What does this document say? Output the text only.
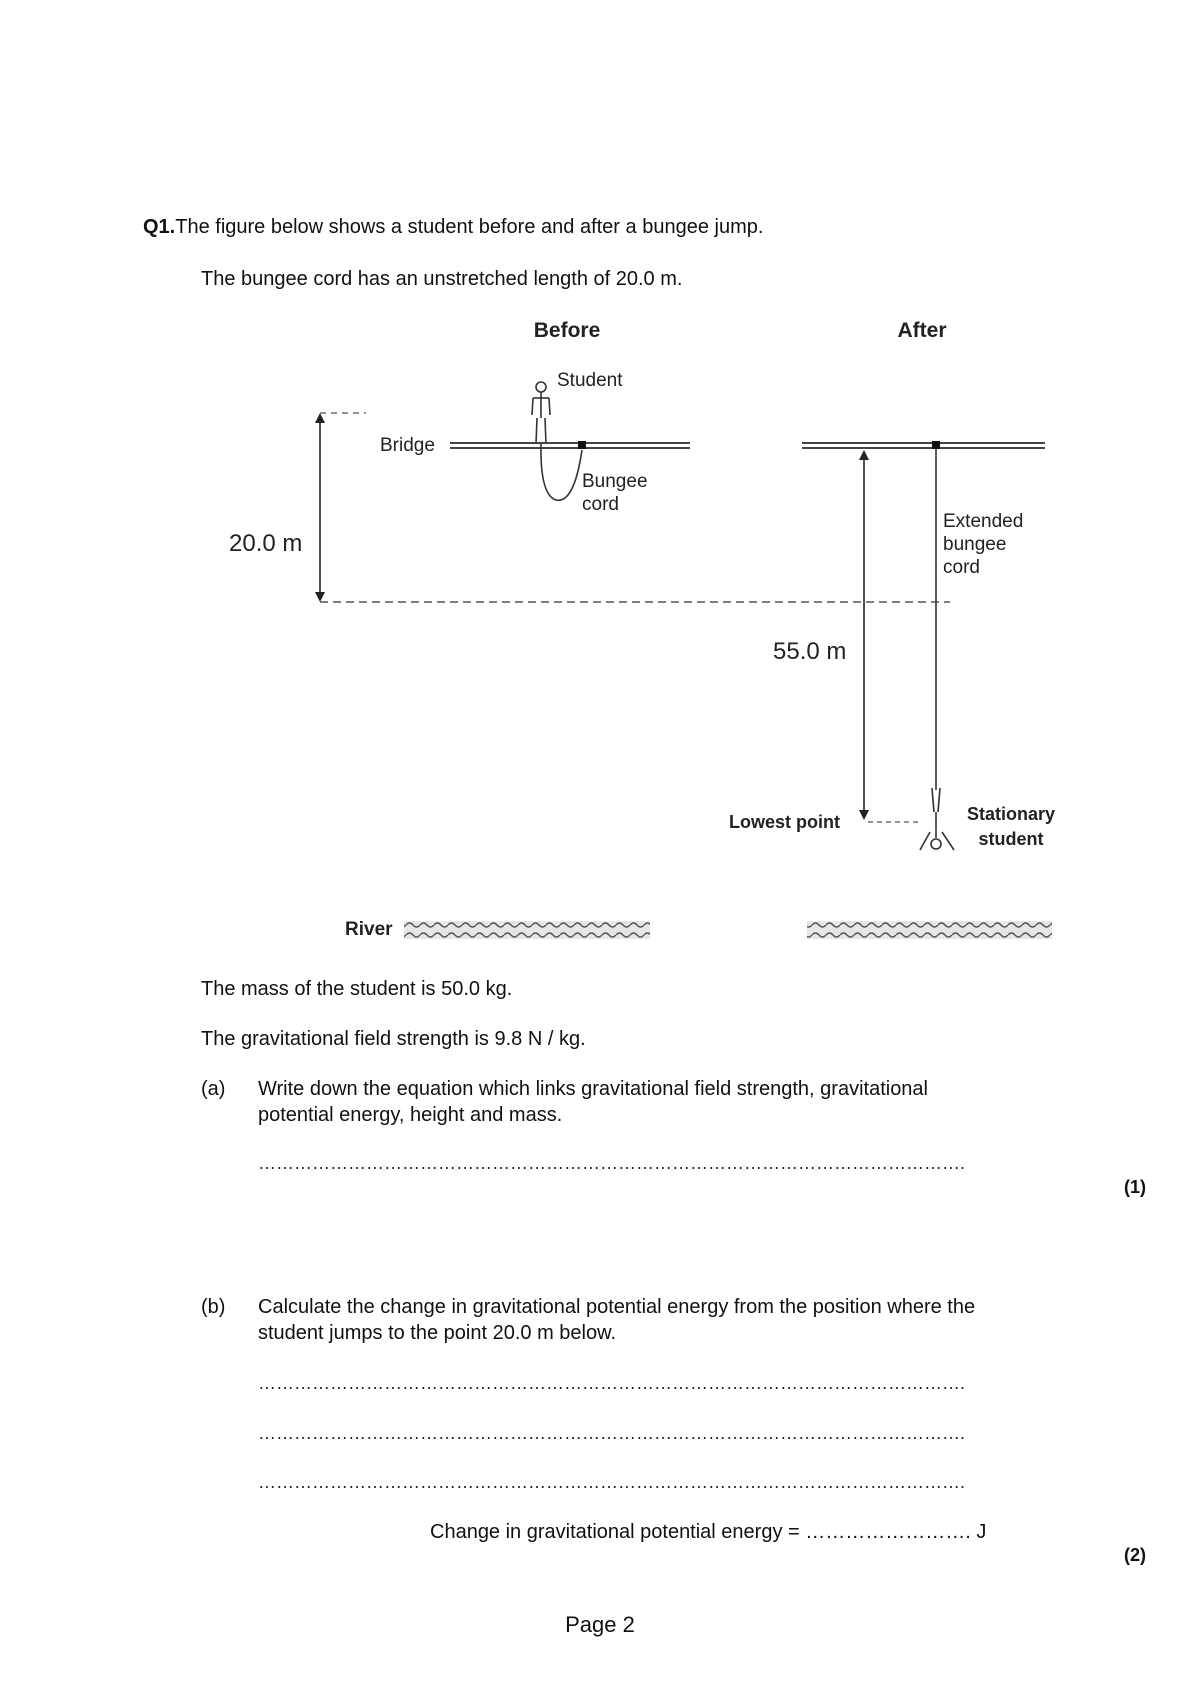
Q1.The figure below shows a student before and after a bungee jump.
The bungee cord has an unstretched length of 20.0 m.
Before	After
Student
Bridge
Bungee
cord
20.0 m
Extended
bungee
cord
55.0 m
Lowest point	Stationary
student
River
The mass of the student is 50.0 kg.
The gravitational field strength is 9.8 N / kg.
(a) Write down the equation which links gravitational field strength, gravitational
potential energy, height and mass.
……………………………………………………………………………………………………….
(1)
(b) Calculate the change in gravitational potential energy from the position where the
student jumps to the point 20.0 m below.
……………………………………………………………………………………………………….
……………………………………………………………………………………………………….
……………………………………………………………………………………………………….
Change in gravitational potential energy = ……………………. J
(2)
Page 2
